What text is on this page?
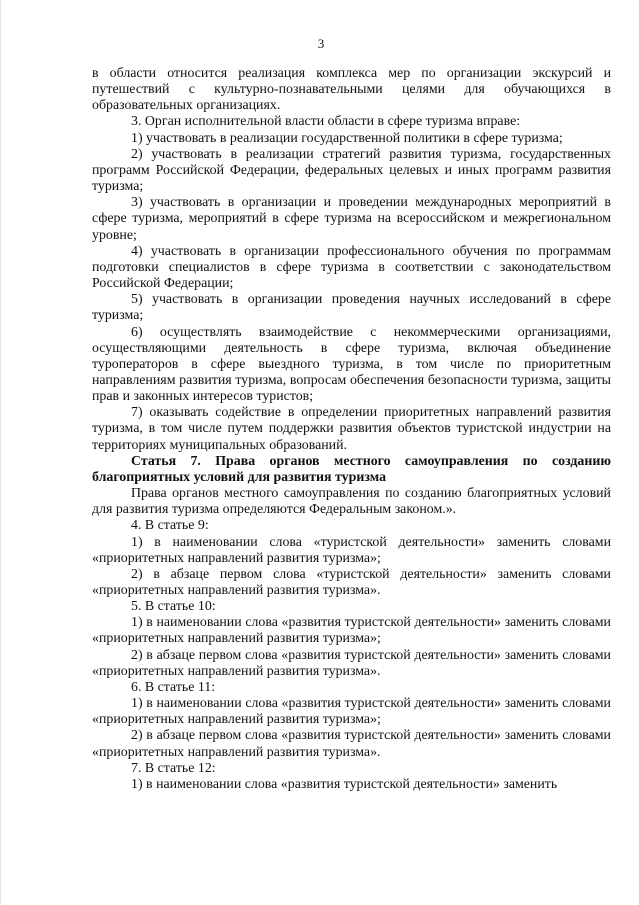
3

в области относится реализация комплекса мер по организации экскурсий и путешествий с культурно-познавательными целями для обучающихся в образовательных организациях.

3. Орган исполнительной власти области в сфере туризма вправе:

1) участвовать в реализации государственной политики в сфере туризма;

2) участвовать в реализации стратегий развития туризма, государственных программ Российской Федерации, федеральных целевых и иных программ развития туризма;

3) участвовать в организации и проведении международных мероприятий в сфере туризма, мероприятий в сфере туризма на всероссийском и межрегиональном уровне;

4) участвовать в организации профессионального обучения по программам подготовки специалистов в сфере туризма в соответствии с законодательством Российской Федерации;

5) участвовать в организации проведения научных исследований в сфере туризма;

6) осуществлять взаимодействие с некоммерческими организациями, осуществляющими деятельность в сфере туризма, включая объединение туроператоров в сфере выездного туризма, в том числе по приоритетным направлениям развития туризма, вопросам обеспечения безопасности туризма, защиты прав и законных интересов туристов;

7) оказывать содействие в определении приоритетных направлений развития туризма, в том числе путем поддержки развития объектов туристской индустрии на территориях муниципальных образований.

Статья 7. Права органов местного самоуправления по созданию благоприятных условий для развития туризма

Права органов местного самоуправления по созданию благоприятных условий для развития туризма определяются Федеральным законом.».

4. В статье 9:

1) в наименовании слова «туристской деятельности» заменить словами «приоритетных направлений развития туризма»;

2) в абзаце первом слова «туристской деятельности» заменить словами «приоритетных направлений развития туризма».

5. В статье 10:

1) в наименовании слова «развития туристской деятельности» заменить словами «приоритетных направлений развития туризма»;

2) в абзаце первом слова «развития туристской деятельности» заменить словами «приоритетных направлений развития туризма».

6. В статье 11:

1) в наименовании слова «развития туристской деятельности» заменить словами «приоритетных направлений развития туризма»;

2) в абзаце первом слова «развития туристской деятельности» заменить словами «приоритетных направлений развития туризма».

7. В статье 12:

1) в наименовании слова «развития туристской деятельности» заменить
